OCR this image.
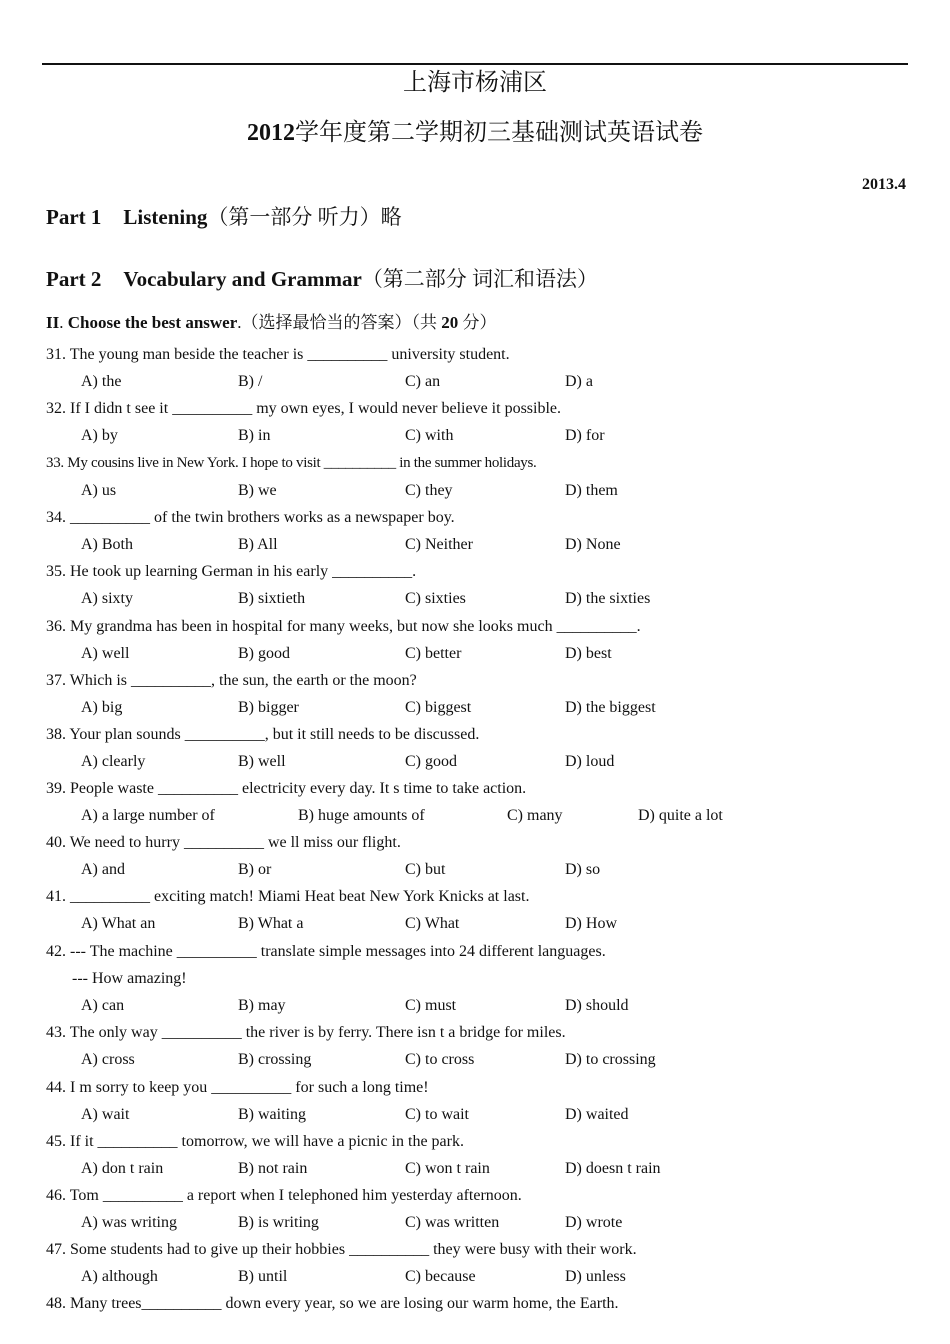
上海市杨浦区
2012学年度第二学期初三基础测试英语试卷
2013.4
Part 1 Listening（第一部分 听力）略
Part 2 Vocabulary and Grammar（第二部分 词汇和语法）
II. Choose the best answer.（选择最恰当的答案）（共 20 分）
31. The young man beside the teacher is __________ university student.
A) the	B) /	C) an	D) a
32. If I didn t see it __________ my own eyes, I would never believe it possible.
A) by	B) in	C) with	D) for
33. My cousins live in New York. I hope to visit __________ in the summer holidays.
A) us	B) we	C) they	D) them
34. __________ of the twin brothers works as a newspaper boy.
A) Both	B) All	C) Neither	D) None
35. He took up learning German in his early __________.
A) sixty	B) sixtieth	C) sixties	D) the sixties
36. My grandma has been in hospital for many weeks, but now she looks much __________.
A) well	B) good	C) better	D) best
37. Which is __________, the sun, the earth or the moon?
A) big	B) bigger	C) biggest	D) the biggest
38. Your plan sounds __________, but it still needs to be discussed.
A) clearly	B) well	C) good	D) loud
39. People waste __________ electricity every day. It s time to take action.
A) a large number of	B) huge amounts of	C) many	D) quite a lot
40. We need to hurry __________ we ll miss our flight.
A) and	B) or	C) but	D) so
41. __________ exciting match! Miami Heat beat New York Knicks at last.
A) What an	B) What a	C) What	D) How
42. --- The machine __________ translate simple messages into 24 different languages.
--- How amazing!
A) can	B) may	C) must	D) should
43. The only way __________ the river is by ferry. There isn t a bridge for miles.
A) cross	B) crossing	C) to cross	D) to crossing
44. I m sorry to keep you __________ for such a long time!
A) wait	B) waiting	C) to wait	D) waited
45. If it __________ tomorrow, we will have a picnic in the park.
A) don t rain	B) not rain	C) won t rain	D) doesn t rain
46. Tom __________ a report when I telephoned him yesterday afternoon.
A) was writing	B) is writing	C) was written	D) wrote
47. Some students had to give up their hobbies __________ they were busy with their work.
A) although	B) until	C) because	D) unless
48. Many trees__________ down every year, so we are losing our warm home, the Earth.
